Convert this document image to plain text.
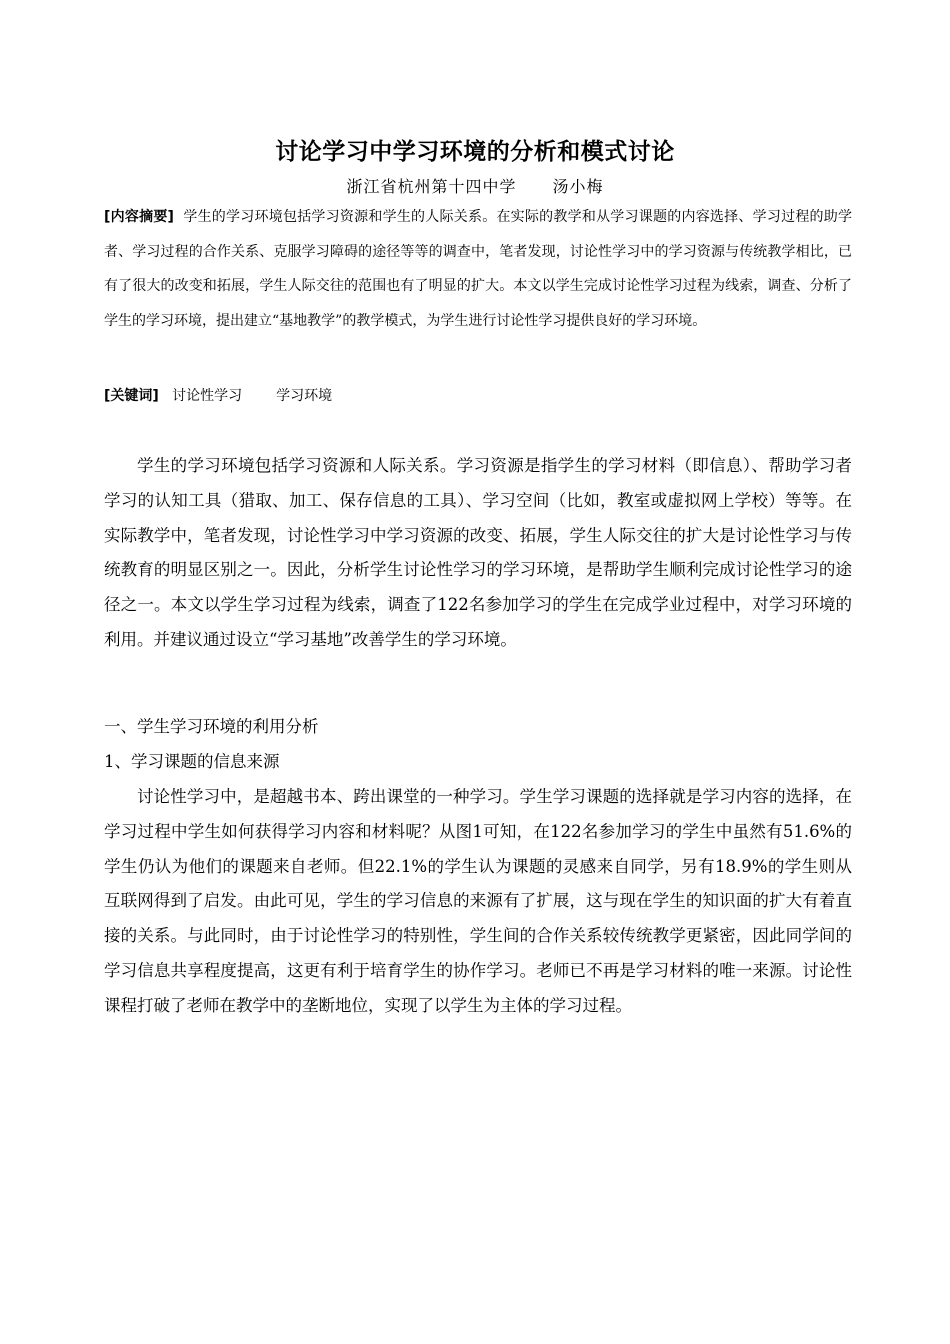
讨论学习中学习环境的分析和模式讨论
浙江省杭州第十四中学 汤小梅

[内容摘要] 学生的学习环境包括学习资源和学生的人际关系。在实际的教学和从学习课题的内容选择、学习过程的助学者、学习过程的合作关系、克服学习障碍的途径等等的调查中，笔者发现，讨论性学习中的学习资源与传统教学相比，已有了很大的改变和拓展，学生人际交往的范围也有了明显的扩大。本文以学生完成讨论性学习过程为线索，调查、分析了学生的学习环境，提出建立“基地教学”的教学模式，为学生进行讨论性学习提供良好的学习环境。

[关键词] 讨论性学习 学习环境

学生的学习环境包括学习资源和人际关系。学习资源是指学生的学习材料（即信息）、帮助学习者学习的认知工具（猎取、加工、保存信息的工具）、学习空间（比如，教室或虚拟网上学校）等等。在实际教学中，笔者发现，讨论性学习中学习资源的改变、拓展，学生人际交往的扩大是讨论性学习与传统教育的明显区别之一。因此，分析学生讨论性学习的学习环境，是帮助学生顺利完成讨论性学习的途径之一。本文以学生学习过程为线索，调查了122名参加学习的学生在完成学业过程中，对学习环境的利用。并建议通过设立“学习基地”改善学生的学习环境。

一、学生学习环境的利用分析

1、学习课题的信息来源

讨论性学习中，是超越书本、跨出课堂的一种学习。学生学习课题的选择就是学习内容的选择，在学习过程中学生如何获得学习内容和材料呢？从图1可知，在122名参加学习的学生中虽然有51.6%的学生仍认为他们的课题来自老师。但22.1%的学生认为课题的灵感来自同学，另有18.9%的学生则从互联网得到了启发。由此可见，学生的学习信息的来源有了扩展，这与现在学生的知识面的扩大有着直接的关系。与此同时，由于讨论性学习的特别性，学生间的合作关系较传统教学更紧密，因此同学间的学习信息共享程度提高，这更有利于培育学生的协作学习。老师已不再是学习材料的唯一来源。讨论性课程打破了老师在教学中的垄断地位，实现了以学生为主体的学习过程。
